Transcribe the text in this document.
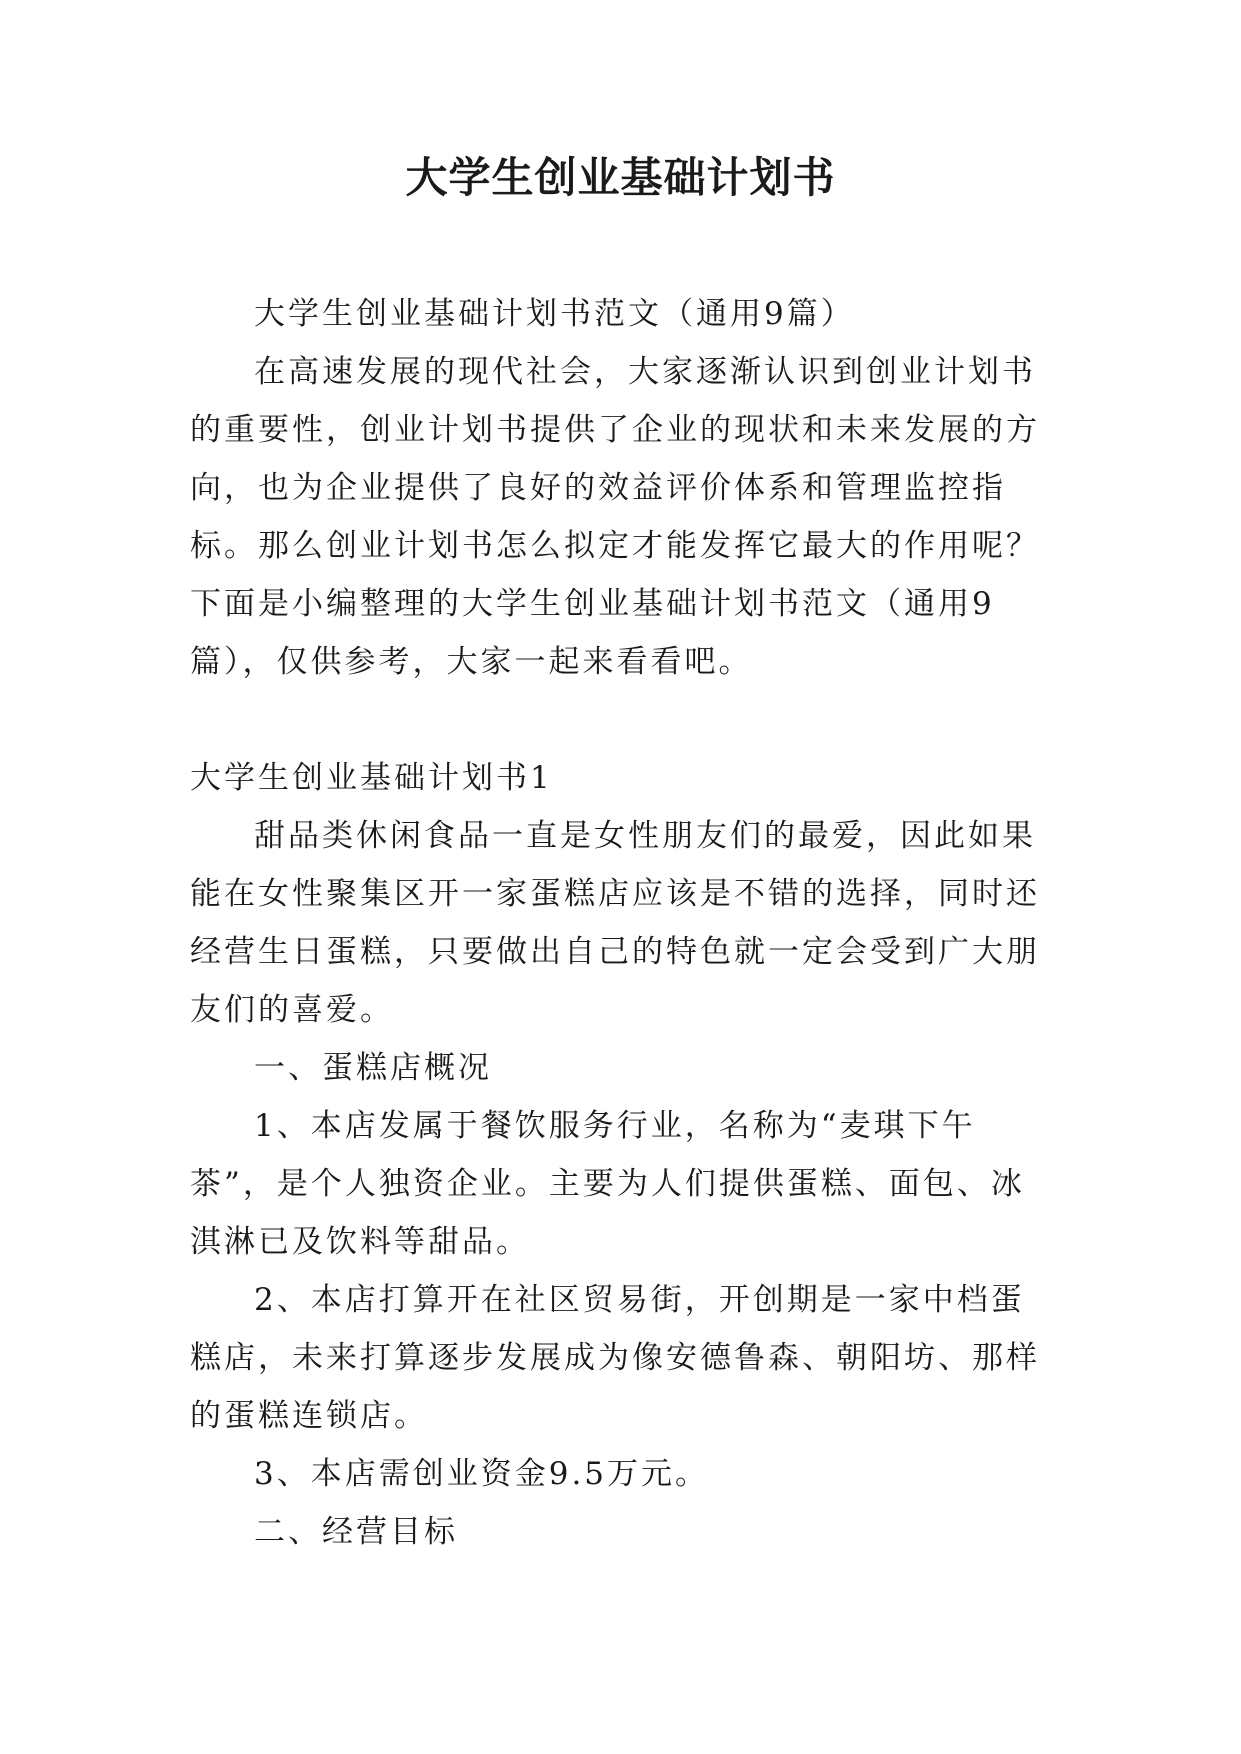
大学生创业基础计划书

大学生创业基础计划书范文（通用9篇）

在高速发展的现代社会，大家逐渐认识到创业计划书的重要性，创业计划书提供了企业的现状和未来发展的方向，也为企业提供了良好的效益评价体系和管理监控指标。那么创业计划书怎么拟定才能发挥它最大的作用呢？下面是小编整理的大学生创业基础计划书范文（通用9篇），仅供参考，大家一起来看看吧。

大学生创业基础计划书1

甜品类休闲食品一直是女性朋友们的最爱，因此如果能在女性聚集区开一家蛋糕店应该是不错的选择，同时还经营生日蛋糕，只要做出自己的特色就一定会受到广大朋友们的喜爱。

一、蛋糕店概况

1、本店发属于餐饮服务行业，名称为“麦琪下午茶”，是个人独资企业。主要为人们提供蛋糕、面包、冰淇淋已及饮料等甜品。

2、本店打算开在社区贸易街，开创期是一家中档蛋糕店，未来打算逐步发展成为像安德鲁森、朝阳坊、那样的蛋糕连锁店。

3、本店需创业资金9.5万元。

二、经营目标
